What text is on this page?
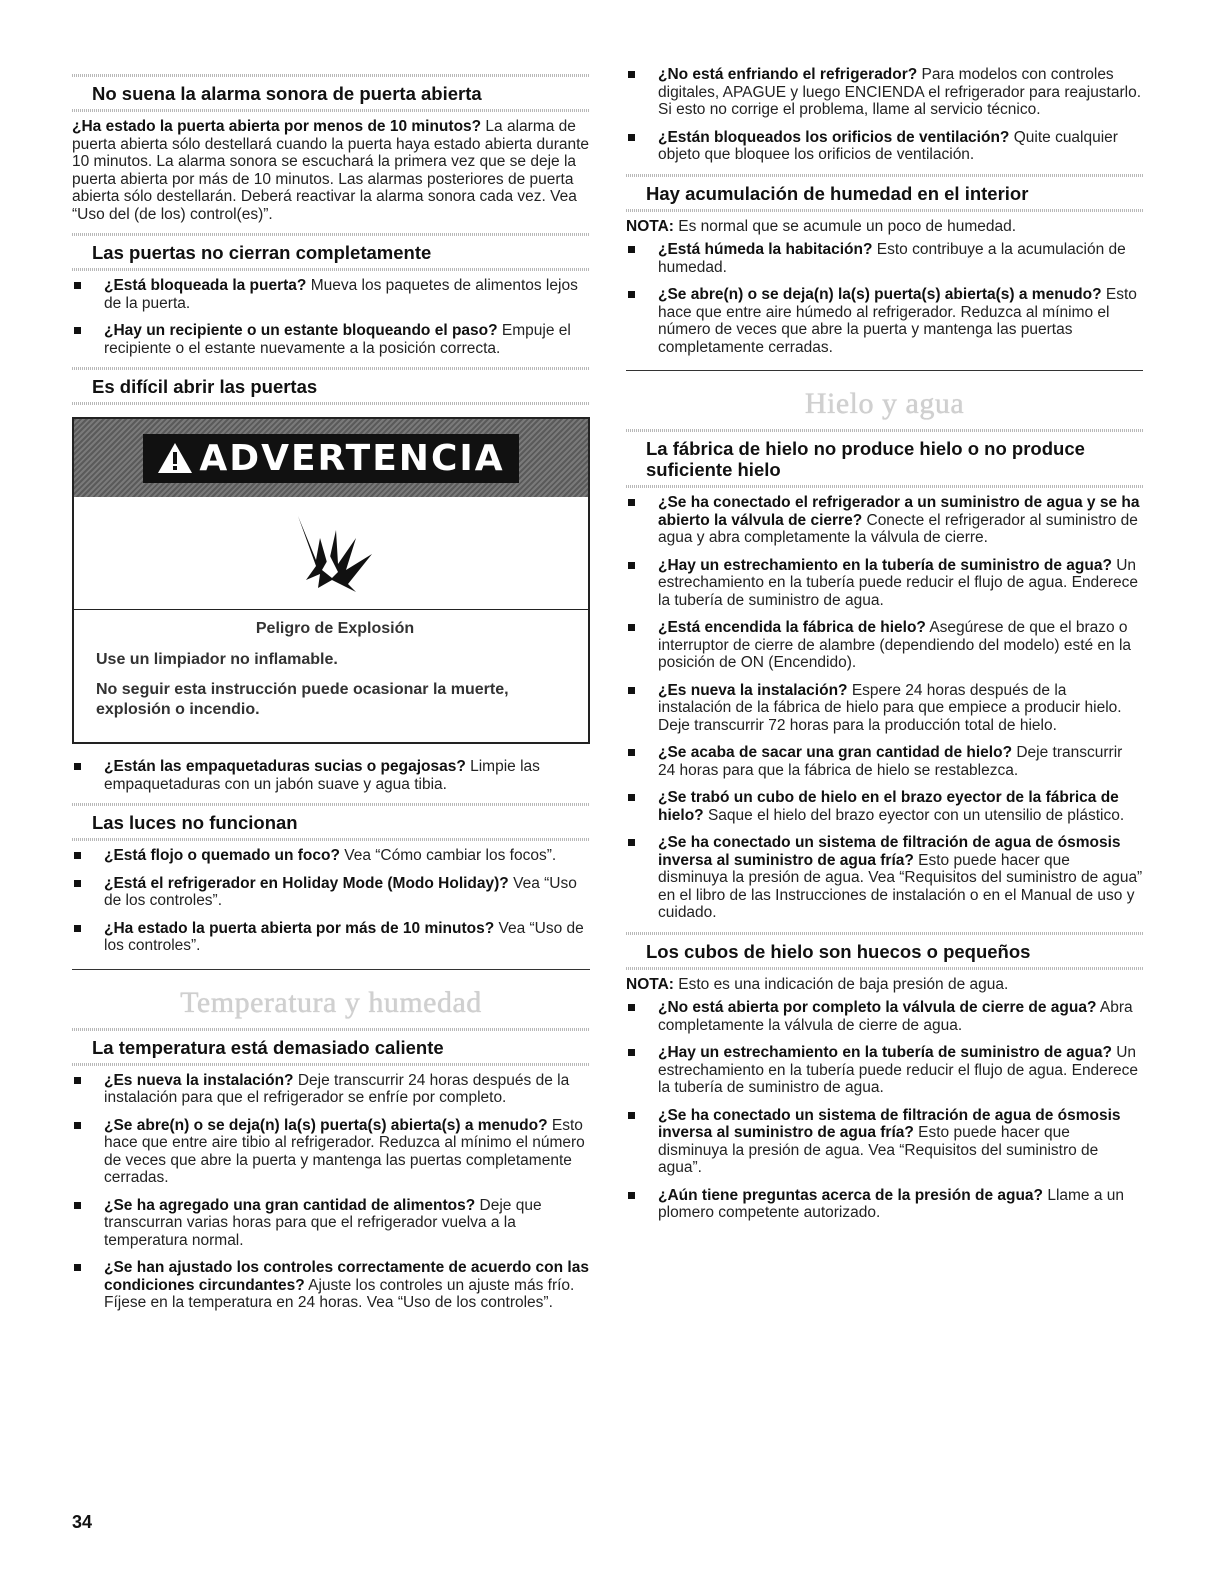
No suena la alarma sonora de puerta abierta

¿Ha estado la puerta abierta por menos de 10 minutos? La alarma de puerta abierta sólo destellará cuando la puerta haya estado abierta durante 10 minutos. La alarma sonora se escuchará la primera vez que se deje la puerta abierta por más de 10 minutos. Las alarmas posteriores de puerta abierta sólo destellarán. Deberá reactivar la alarma sonora cada vez. Vea “Uso del (de los) control(es)”.

Las puertas no cierran completamente
¿Está bloqueada la puerta? Mueva los paquetes de alimentos lejos de la puerta.
¿Hay un recipiente o un estante bloqueando el paso? Empuje el recipiente o el estante nuevamente a la posición correcta.
Es difícil abrir las puertas
ADVERTENCIA

Peligro de Explosión

Use un limpiador no inflamable.

No seguir esta instrucción puede ocasionar la muerte, explosión o incendio.

¿Están las empaquetaduras sucias o pegajosas? Limpie las empaquetaduras con un jabón suave y agua tibia.
Las luces no funcionan
¿Está flojo o quemado un foco? Vea “Cómo cambiar los focos”.
¿Está el refrigerador en Holiday Mode (Modo Holiday)? Vea “Uso de los controles”.
¿Ha estado la puerta abierta por más de 10 minutos? Vea “Uso de los controles”.
Temperatura y humedad
La temperatura está demasiado caliente
¿Es nueva la instalación? Deje transcurrir 24 horas después de la instalación para que el refrigerador se enfríe por completo.
¿Se abre(n) o se deja(n) la(s) puerta(s) abierta(s) a menudo? Esto hace que entre aire tibio al refrigerador. Reduzca al mínimo el número de veces que abre la puerta y mantenga las puertas completamente cerradas.
¿Se ha agregado una gran cantidad de alimentos? Deje que transcurran varias horas para que el refrigerador vuelva a la temperatura normal.
¿Se han ajustado los controles correctamente de acuerdo con las condiciones circundantes? Ajuste los controles un ajuste más frío. Fíjese en la temperatura en 24 horas. Vea “Uso de los controles”.
¿No está enfriando el refrigerador? Para modelos con controles digitales, APAGUE y luego ENCIENDA el refrigerador para reajustarlo. Si esto no corrige el problema, llame al servicio técnico.
¿Están bloqueados los orificios de ventilación? Quite cualquier objeto que bloquee los orificios de ventilación.
Hay acumulación de humedad en el interior

NOTA: Es normal que se acumule un poco de humedad.

¿Está húmeda la habitación? Esto contribuye a la acumulación de humedad.
¿Se abre(n) o se deja(n) la(s) puerta(s) abierta(s) a menudo? Esto hace que entre aire húmedo al refrigerador. Reduzca al mínimo el número de veces que abre la puerta y mantenga las puertas completamente cerradas.
Hielo y agua
La fábrica de hielo no produce hielo o no produce suficiente hielo
¿Se ha conectado el refrigerador a un suministro de agua y se ha abierto la válvula de cierre? Conecte el refrigerador al suministro de agua y abra completamente la válvula de cierre.
¿Hay un estrechamiento en la tubería de suministro de agua? Un estrechamiento en la tubería puede reducir el flujo de agua. Enderece la tubería de suministro de agua.
¿Está encendida la fábrica de hielo? Asegúrese de que el brazo o interruptor de cierre de alambre (dependiendo del modelo) esté en la posición de ON (Encendido).
¿Es nueva la instalación? Espere 24 horas después de la instalación de la fábrica de hielo para que empiece a producir hielo. Deje transcurrir 72 horas para la producción total de hielo.
¿Se acaba de sacar una gran cantidad de hielo? Deje transcurrir 24 horas para que la fábrica de hielo se restablezca.
¿Se trabó un cubo de hielo en el brazo eyector de la fábrica de hielo? Saque el hielo del brazo eyector con un utensilio de plástico.
¿Se ha conectado un sistema de filtración de agua de ósmosis inversa al suministro de agua fría? Esto puede hacer que disminuya la presión de agua. Vea “Requisitos del suministro de agua” en el libro de las Instrucciones de instalación o en el Manual de uso y cuidado.
Los cubos de hielo son huecos o pequeños

NOTA: Esto es una indicación de baja presión de agua.

¿No está abierta por completo la válvula de cierre de agua? Abra completamente la válvula de cierre de agua.
¿Hay un estrechamiento en la tubería de suministro de agua? Un estrechamiento en la tubería puede reducir el flujo de agua. Enderece la tubería de suministro de agua.
¿Se ha conectado un sistema de filtración de agua de ósmosis inversa al suministro de agua fría? Esto puede hacer que disminuya la presión de agua. Vea “Requisitos del suministro de agua”.
¿Aún tiene preguntas acerca de la presión de agua? Llame a un plomero competente autorizado.
34
